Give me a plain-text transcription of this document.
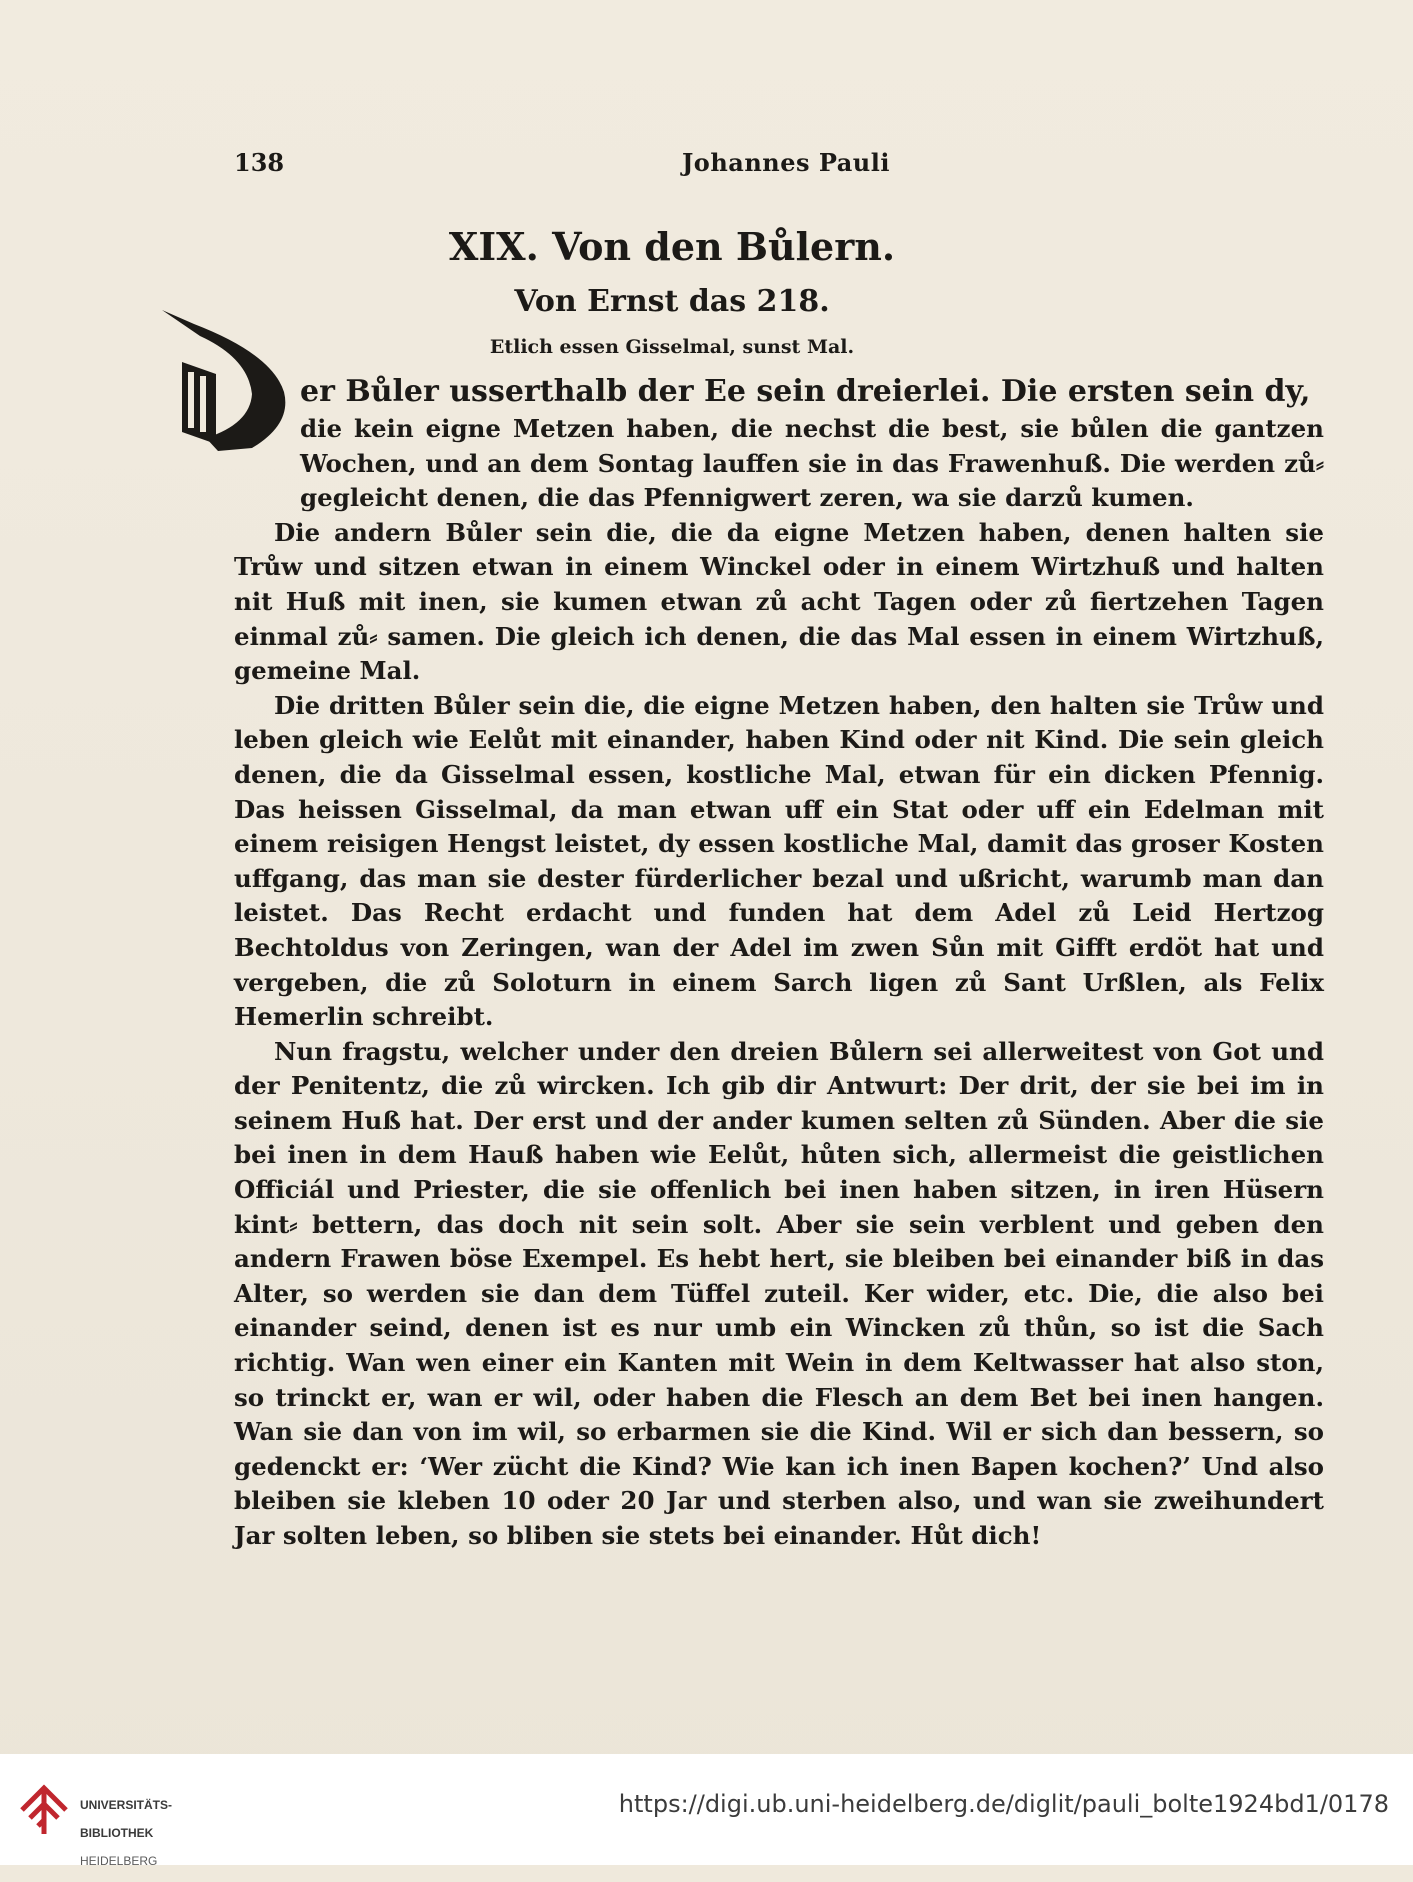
138	Johannes Pauli
XIX. Von den Bůlern.
Von Ernst das 218.
Etlich essen Gisselmal, sunst Mal.
er Bůler usserthalb der Ee sein dreierlei. Die ersten sein dy,

die kein eigne Metzen haben, die nechst die best, sie bůlen die gantzen Wochen, und an dem Sontag lauffen sie in das Frawenhuß. Die werden zů⸗ gegleicht denen, die das Pfennigwert zeren, wa sie darzů kumen.

Die andern Bůler sein die, die da eigne Metzen haben, denen halten sie Trůw und sitzen etwan in einem Winckel oder in einem Wirtzhuß und halten nit Huß mit inen, sie kumen etwan zů acht Tagen oder zů fiertzehen Tagen einmal zů⸗ samen. Die gleich ich denen, die das Mal essen in einem Wirtzhuß, gemeine Mal.

Die dritten Bůler sein die, die eigne Metzen haben, den halten sie Trůw und leben gleich wie Eelůt mit einander, haben Kind oder nit Kind. Die sein gleich denen, die da Gisselmal essen, kostliche Mal, etwan für ein dicken Pfennig. Das heissen Gisselmal, da man etwan uff ein Stat oder uff ein Edelman mit einem reisigen Hengst leistet, dy essen kostliche Mal, damit das groser Kosten uffgang, das man sie dester fürderlicher bezal und ußricht, warumb man dan leistet. Das Recht erdacht und funden hat dem Adel zů Leid Hertzog Bechtoldus von Zeringen, wan der Adel im zwen Sůn mit Gifft erdöt hat und vergeben, die zů Soloturn in einem Sarch ligen zů Sant Urßlen, als Felix Hemerlin schreibt.

Nun fragstu, welcher under den dreien Bůlern sei allerweitest von Got und der Penitentz, die zů wircken. Ich gib dir Antwurt: Der drit, der sie bei im in seinem Huß hat. Der erst und der ander kumen selten zů Sünden. Aber die sie bei inen in dem Hauß haben wie Eelůt, hůten sich, allermeist die geistlichen Officiál und Priester, die sie offenlich bei inen haben sitzen, in iren Hüsern kint⸗ bettern, das doch nit sein solt. Aber sie sein verblent und geben den andern Frawen böse Exempel. Es hebt hert, sie bleiben bei einander biß in das Alter, so werden sie dan dem Tüffel zuteil. Ker wider, etc. Die, die also bei einander seind, denen ist es nur umb ein Wincken zů thůn, so ist die Sach richtig. Wan wen einer ein Kanten mit Wein in dem Keltwasser hat also ston, so trinckt er, wan er wil, oder haben die Flesch an dem Bet bei inen hangen. Wan sie dan von im wil, so erbarmen sie die Kind. Wil er sich dan bessern, so gedenckt er: ‘Wer zücht die Kind? Wie kan ich inen Bapen kochen?’ Und also bleiben sie kleben 10 oder 20 Jar und sterben also, und wan sie zweihundert Jar solten leben, so bliben sie stets bei einander. Hůt dich!

UNIVERSITÄTS-

BIBLIOTHEK

HEIDELBERG

https://digi.ub.uni-heidelberg.de/diglit/pauli_bolte1924bd1/0178
